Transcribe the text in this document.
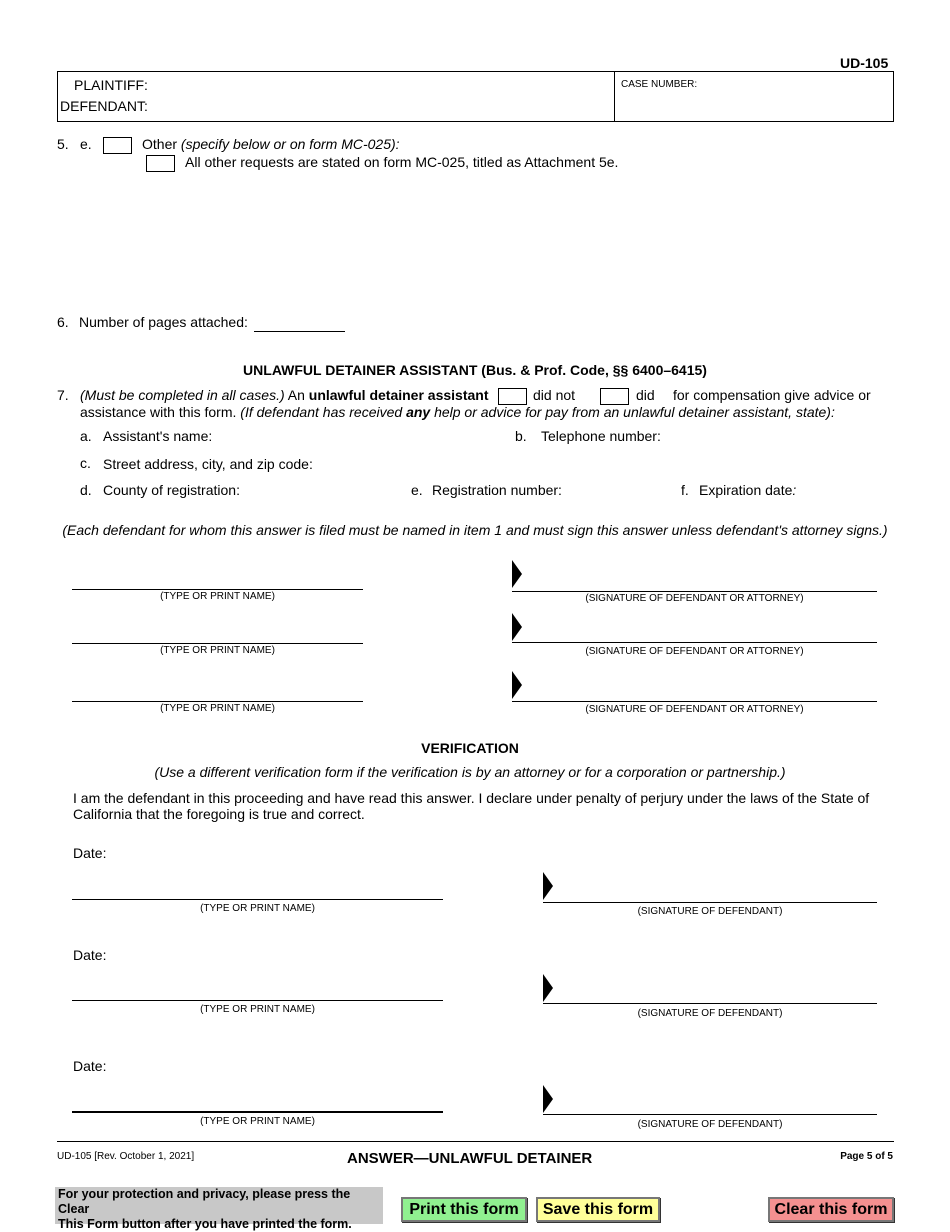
UD-105
PLAINTIFF:
DEFENDANT:
CASE NUMBER:
5. e.	Other (specify below or on form MC-025):
All other requests are stated on form MC-025, titled as Attachment 5e.
6. Number of pages attached:
UNLAWFUL DETAINER ASSISTANT (Bus. & Prof. Code, §§ 6400–6415)
7. (Must be completed in all cases.) An unlawful detainer assistant	did not	did for compensation give advice or
assistance with this form. (If defendant has received any help or advice for pay from an unlawful detainer assistant, state):
a. Assistant's name:	b. Telephone number:
c. Street address, city, and zip code:
d. County of registration:	e. Registration number:	f. Expiration date:
(Each defendant for whom this answer is filed must be named in item 1 and must sign this answer unless defendant's attorney signs.)
(TYPE OR PRINT NAME)	(SIGNATURE OF DEFENDANT OR ATTORNEY)
(TYPE OR PRINT NAME)	(SIGNATURE OF DEFENDANT OR ATTORNEY)
(TYPE OR PRINT NAME)	(SIGNATURE OF DEFENDANT OR ATTORNEY)
VERIFICATION
(Use a different verification form if the verification is by an attorney or for a corporation or partnership.)
I am the defendant in this proceeding and have read this answer. I declare under penalty of perjury under the laws of the State of
California that the foregoing is true and correct.
Date:
(TYPE OR PRINT NAME)	(SIGNATURE OF DEFENDANT)
Date:
(TYPE OR PRINT NAME)	(SIGNATURE OF DEFENDANT)
Date:
(TYPE OR PRINT NAME)	(SIGNATURE OF DEFENDANT)
UD-105 [Rev. October 1, 2021]	ANSWER—UNLAWFUL DETAINER	Page 5 of 5
For your protection and privacy, please press the Clear
This Form button after you have printed the form.
Print this form	Save this form	Clear this form
